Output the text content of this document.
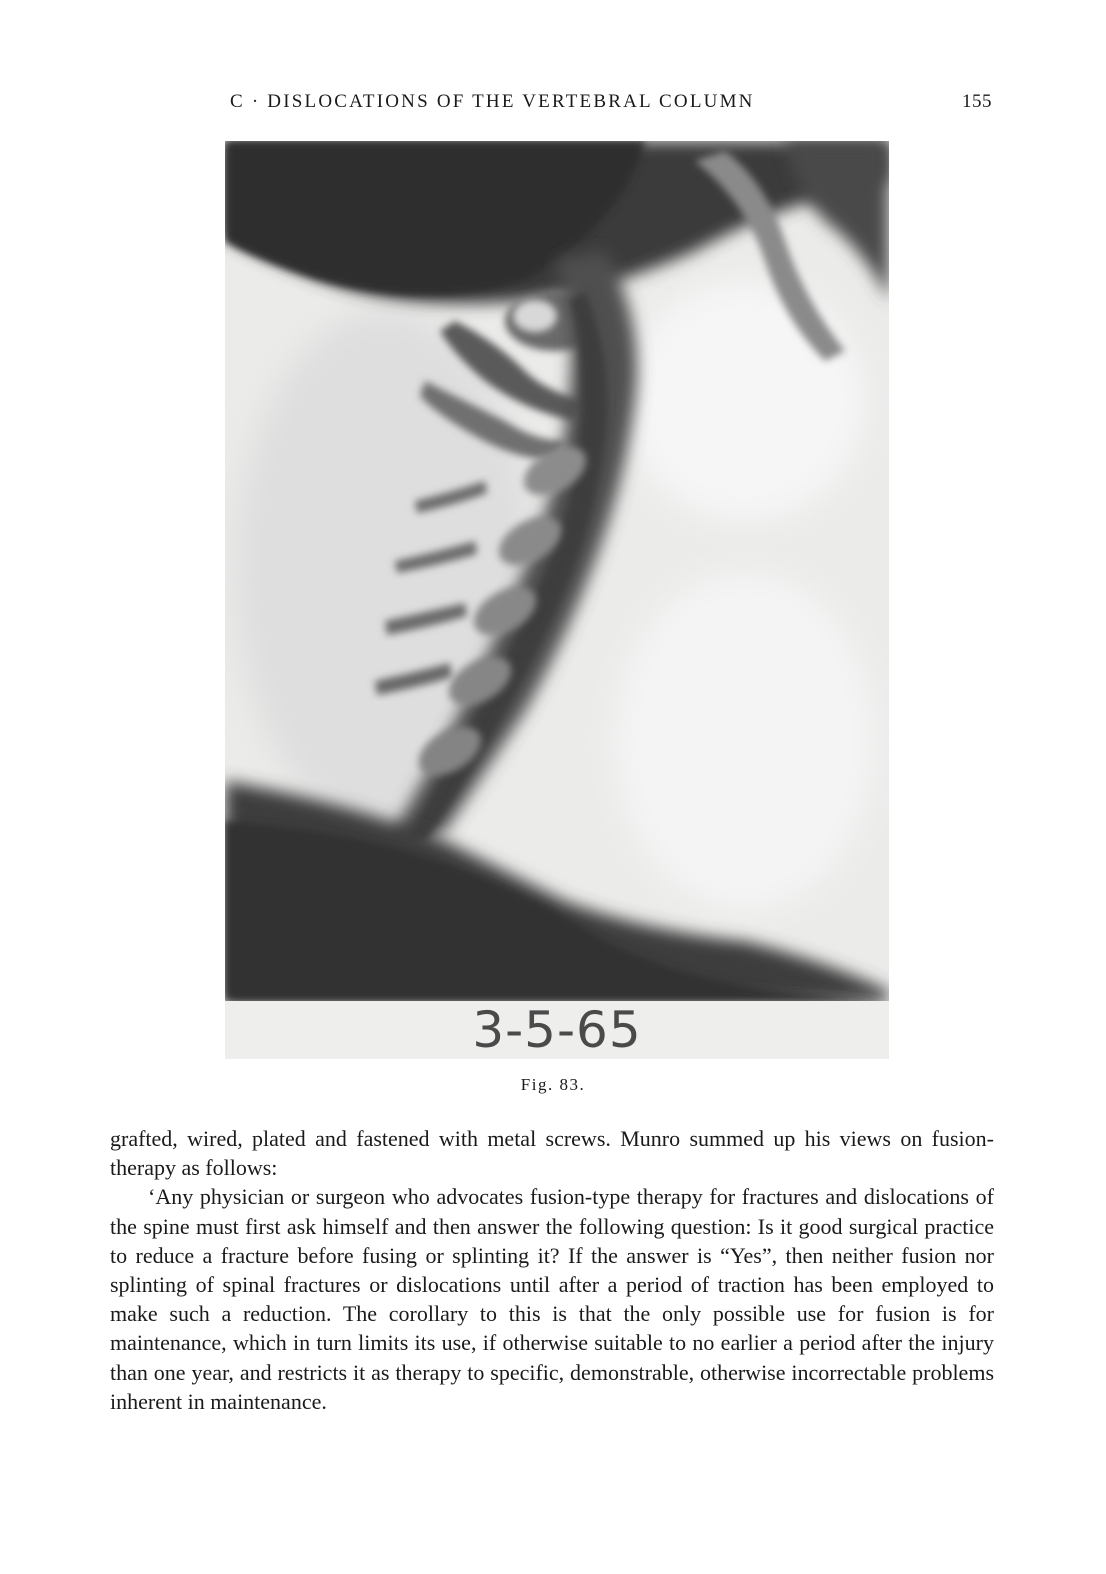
C · DISLOCATIONS OF THE VERTEBRAL COLUMN	155
3-5-65
Fig. 83.

grafted, wired, plated and fastened with metal screws. Munro summed up his views on fusion-therapy as follows:

‘Any physician or surgeon who advocates fusion-type therapy for fractures and dislocations of the spine must first ask himself and then answer the following question: Is it good surgical practice to reduce a fracture before fusing or splinting it? If the answer is “Yes”, then neither fusion nor splinting of spinal fractures or dislocations until after a period of traction has been employed to make such a reduction. The corollary to this is that the only possible use for fusion is for maintenance, which in turn limits its use, if otherwise suitable to no earlier a period after the injury than one year, and restricts it as therapy to specific, demonstrable, otherwise incorrectable problems inherent in maintenance.
